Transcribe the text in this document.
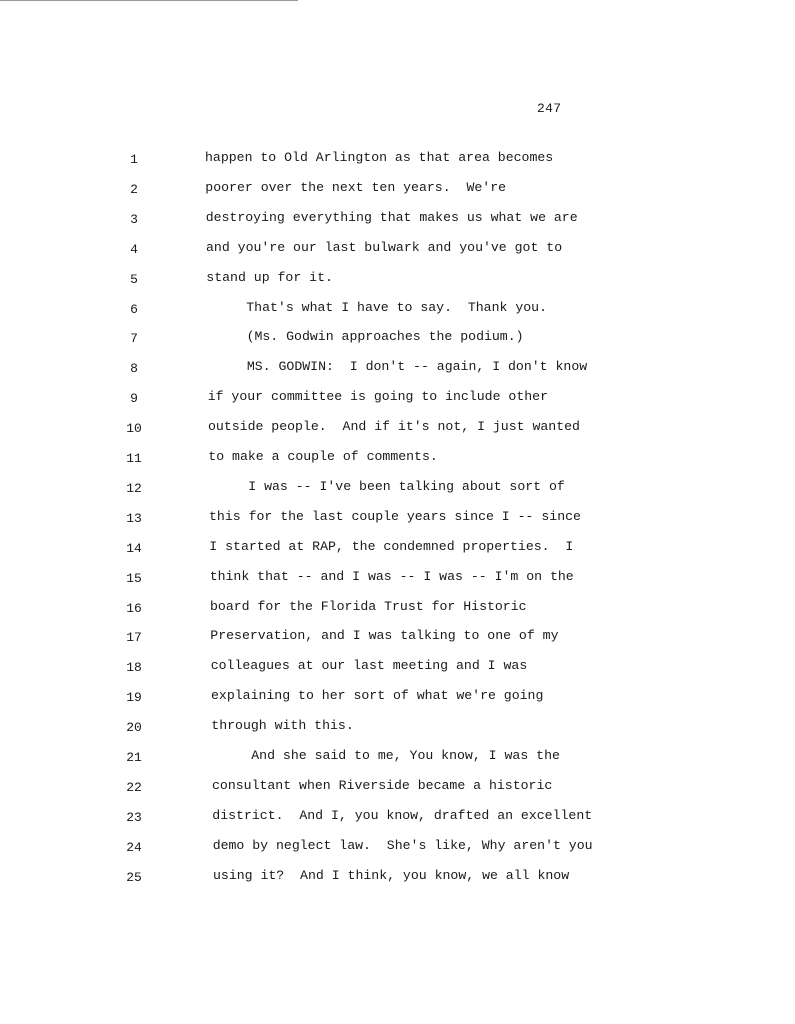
247
1	happen to Old Arlington as that area becomes
2	poorer over the next ten years.  We're
3	destroying everything that makes us what we are
4	and you're our last bulwark and you've got to
5	stand up for it.
6	That's what I have to say.  Thank you.
7	(Ms. Godwin approaches the podium.)
8	MS. GODWIN:  I don't -- again, I don't know
9	if your committee is going to include other
10	outside people.  And if it's not, I just wanted
11	to make a couple of comments.
12	I was -- I've been talking about sort of
13	this for the last couple years since I -- since
14	I started at RAP, the condemned properties.  I
15	think that -- and I was -- I was -- I'm on the
16	board for the Florida Trust for Historic
17	Preservation, and I was talking to one of my
18	colleagues at our last meeting and I was
19	explaining to her sort of what we're going
20	through with this.
21	And she said to me, You know, I was the
22	consultant when Riverside became a historic
23	district.  And I, you know, drafted an excellent
24	demo by neglect law.  She's like, Why aren't you
25	using it?  And I think, you know, we all know
